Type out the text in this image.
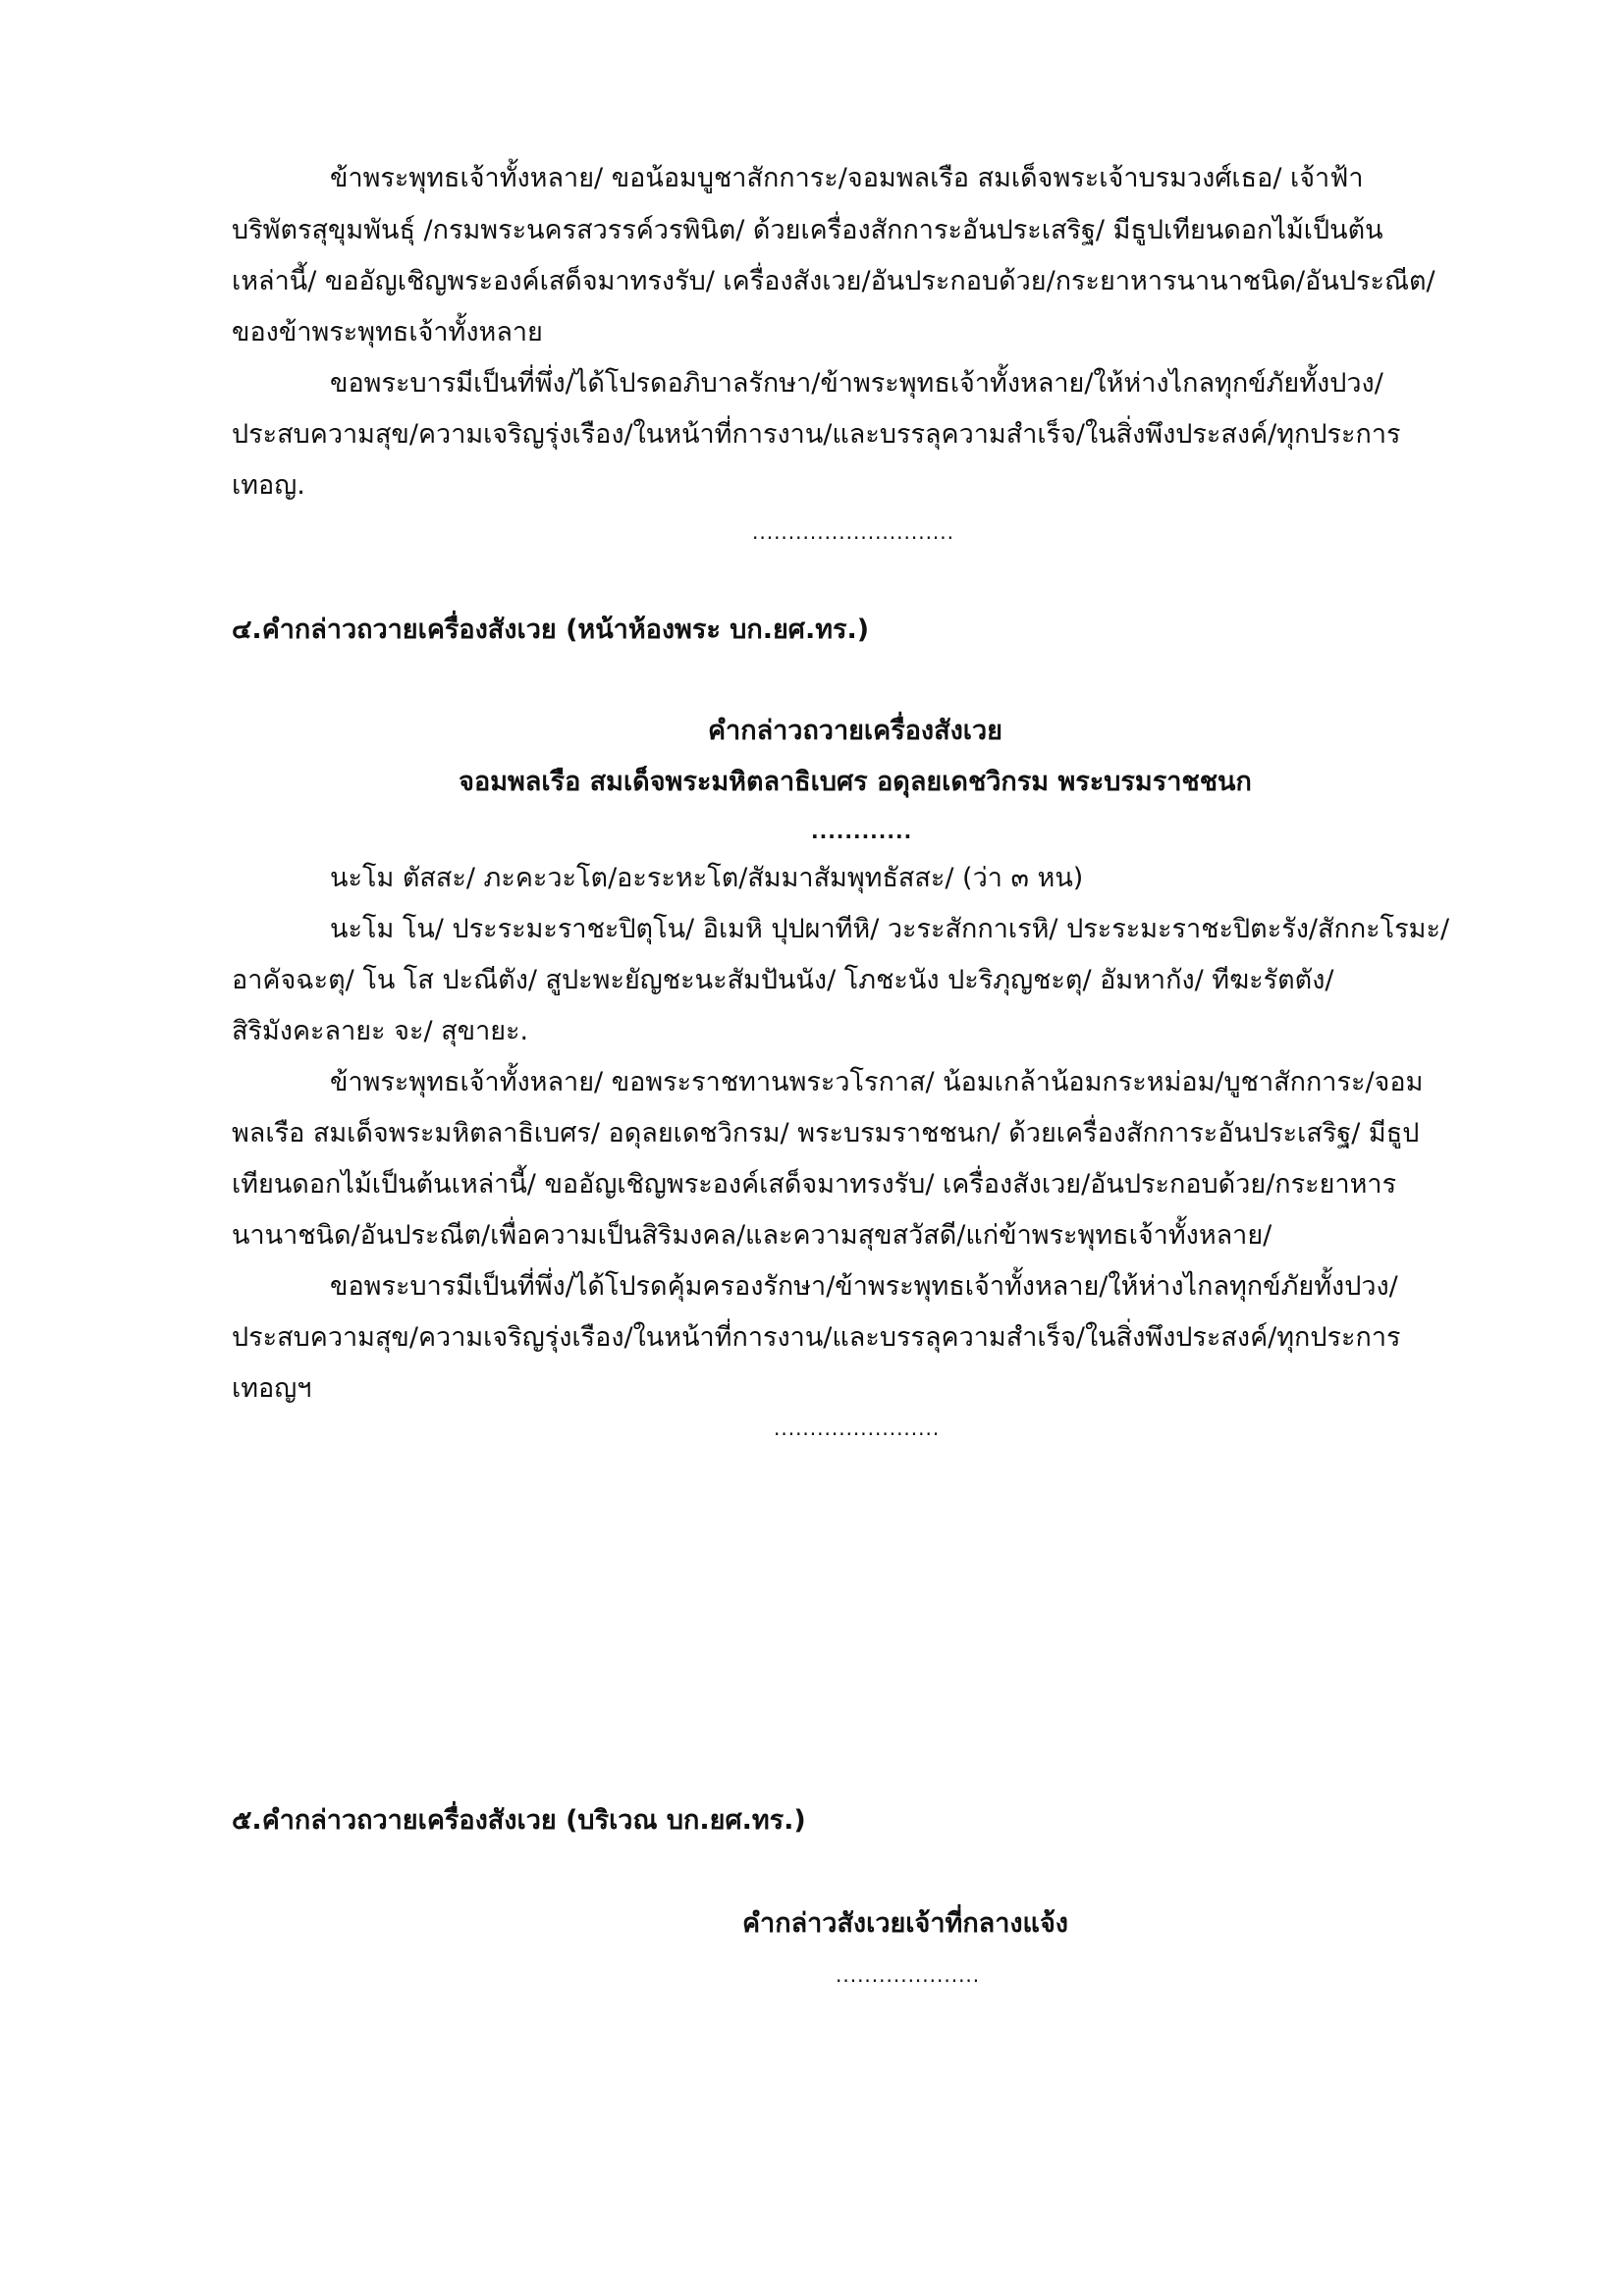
ข้าพระพุทธเจ้าทั้งหลาย/ ขอน้อมบูชาสักการะ/จอมพลเรือ สมเด็จพระเจ้าบรมวงศ์เธอ/ เจ้าฟ้า
บริพัตรสุขุมพันธุ์ /กรมพระนครสวรรค์วรพินิต/ ด้วยเครื่องสักการะอันประเสริฐ/ มีธูปเทียนดอกไม้เป็นต้น
เหล่านี้/ ขออัญเชิญพระองค์เสด็จมาทรงรับ/ เครื่องสังเวย/อันประกอบด้วย/กระยาหารนานาชนิด/อันประณีต/
ของข้าพระพุทธเจ้าทั้งหลาย
ขอพระบารมีเป็นที่พึ่ง/ได้โปรดอภิบาลรักษา/ข้าพระพุทธเจ้าทั้งหลาย/ให้ห่างไกลทุกข์ภัยทั้งปวง/
ประสบความสุข/ความเจริญรุ่งเรือง/ในหน้าที่การงาน/และบรรลุความสำเร็จ/ในสิ่งพึงประสงค์/ทุกประการ
เทอญ.
............................
๔.คำกล่าวถวายเครื่องสังเวย (หน้าห้องพระ บก.ยศ.ทร.)
คำกล่าวถวายเครื่องสังเวย
จอมพลเรือ สมเด็จพระมหิตลาธิเบศร อดุลยเดชวิกรม พระบรมราชชนก
............
นะโม ตัสสะ/ ภะคะวะโต/อะระหะโต/สัมมาสัมพุทธัสสะ/ (ว่า ๓ หน)
นะโม โน/ ประระมะราชะปิตุโน/ อิเมหิ ปุปผาทีหิ/ วะระสักกาเรหิ/ ประระมะราชะปิตะรัง/สักกะโรมะ/
อาคัจฉะตุ/ โน โส ปะณีตัง/ สูปะพะยัญชะนะสัมปันนัง/ โภชะนัง ปะริภุญชะตุ/ อัมหากัง/ ทีฆะรัตตัง/
สิริมังคะลายะ จะ/ สุขายะ.
ข้าพระพุทธเจ้าทั้งหลาย/ ขอพระราชทานพระวโรกาส/ น้อมเกล้าน้อมกระหม่อม/บูชาสักการะ/จอม
พลเรือ สมเด็จพระมหิตลาธิเบศร/ อดุลยเดชวิกรม/ พระบรมราชชนก/ ด้วยเครื่องสักการะอันประเสริฐ/ มีธูป
เทียนดอกไม้เป็นต้นเหล่านี้/ ขออัญเชิญพระองค์เสด็จมาทรงรับ/ เครื่องสังเวย/อันประกอบด้วย/กระยาหาร
นานาชนิด/อันประณีต/เพื่อความเป็นสิริมงคล/และความสุขสวัสดี/แก่ข้าพระพุทธเจ้าทั้งหลาย/
ขอพระบารมีเป็นที่พึ่ง/ได้โปรดคุ้มครองรักษา/ข้าพระพุทธเจ้าทั้งหลาย/ให้ห่างไกลทุกข์ภัยทั้งปวง/
ประสบความสุข/ความเจริญรุ่งเรือง/ในหน้าที่การงาน/และบรรลุความสำเร็จ/ในสิ่งพึงประสงค์/ทุกประการ
เทอญฯ
.......................
๕.คำกล่าวถวายเครื่องสังเวย (บริเวณ บก.ยศ.ทร.)
คำกล่าวสังเวยเจ้าที่กลางแจ้ง
....................
